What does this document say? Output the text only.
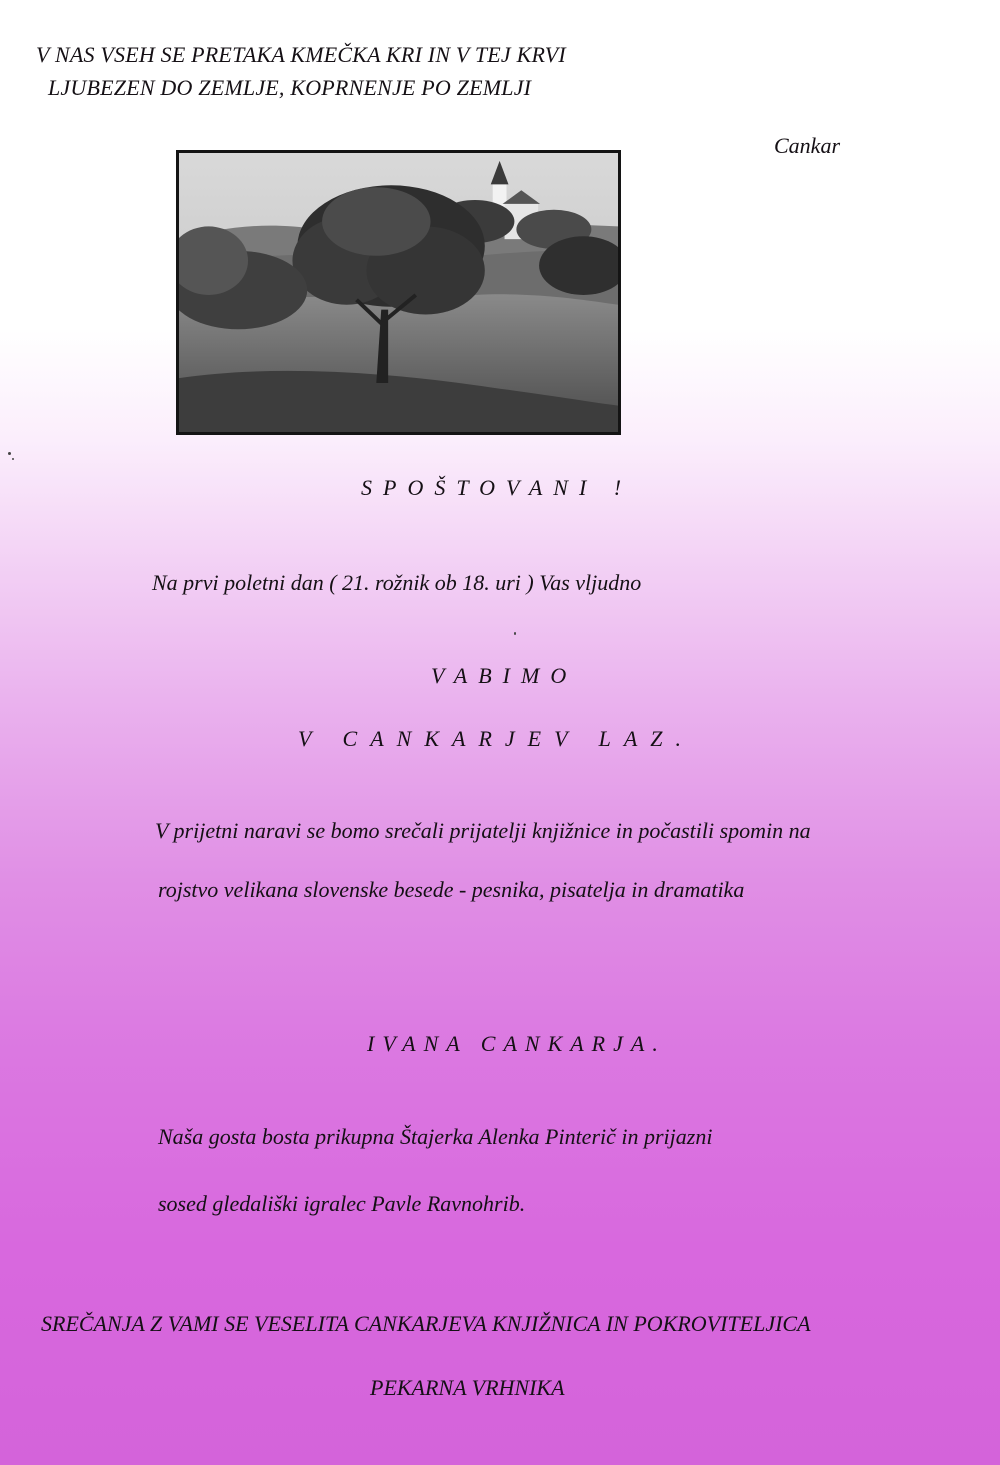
V NAS VSEH SE PRETAKA KMEČKA KRI IN V TEJ KRVI
LJUBEZEN DO ZEMLJE, KOPRNENJE PO ZEMLJI
Cankar
SPOŠTOVANI !
Na prvi poletni dan ( 21. rožnik ob 18. uri ) Vas vljudno
VABIMO
V CANKARJEV LAZ.
V prijetni naravi se bomo srečali prijatelji knjižnice in počastili spomin na
rojstvo velikana slovenske besede - pesnika, pisatelja in dramatika
IVANA CANKARJA.
Naša gosta bosta prikupna Štajerka Alenka Pinterič in prijazni
sosed gledališki igralec Pavle Ravnohrib.
SREČANJA Z VAMI SE VESELITA CANKARJEVA KNJIŽNICA IN POKROVITELJICA
PEKARNA VRHNIKA
